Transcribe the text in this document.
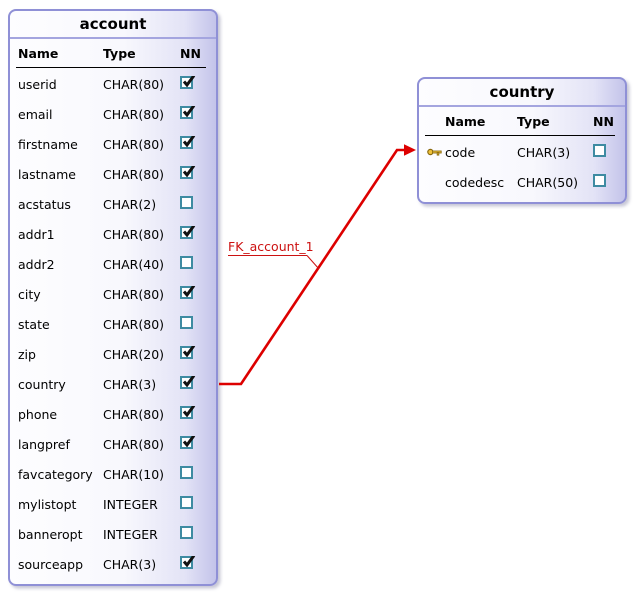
account
Name	Type	NN
userid	CHAR(80)
email	CHAR(80)
firstname	CHAR(80)
lastname	CHAR(80)
acstatus	CHAR(2)
addr1	CHAR(80)
addr2	CHAR(40)
city	CHAR(80)
state	CHAR(80)
zip	CHAR(20)
country	CHAR(3)
phone	CHAR(80)
langpref	CHAR(80)
favcategory CHAR(10)
mylistopt	INTEGER
banneropt	INTEGER
sourceapp	CHAR(3)
country
Name	Type	NN
code	CHAR(3)
codedesc	CHAR(50)
FK_account_1
